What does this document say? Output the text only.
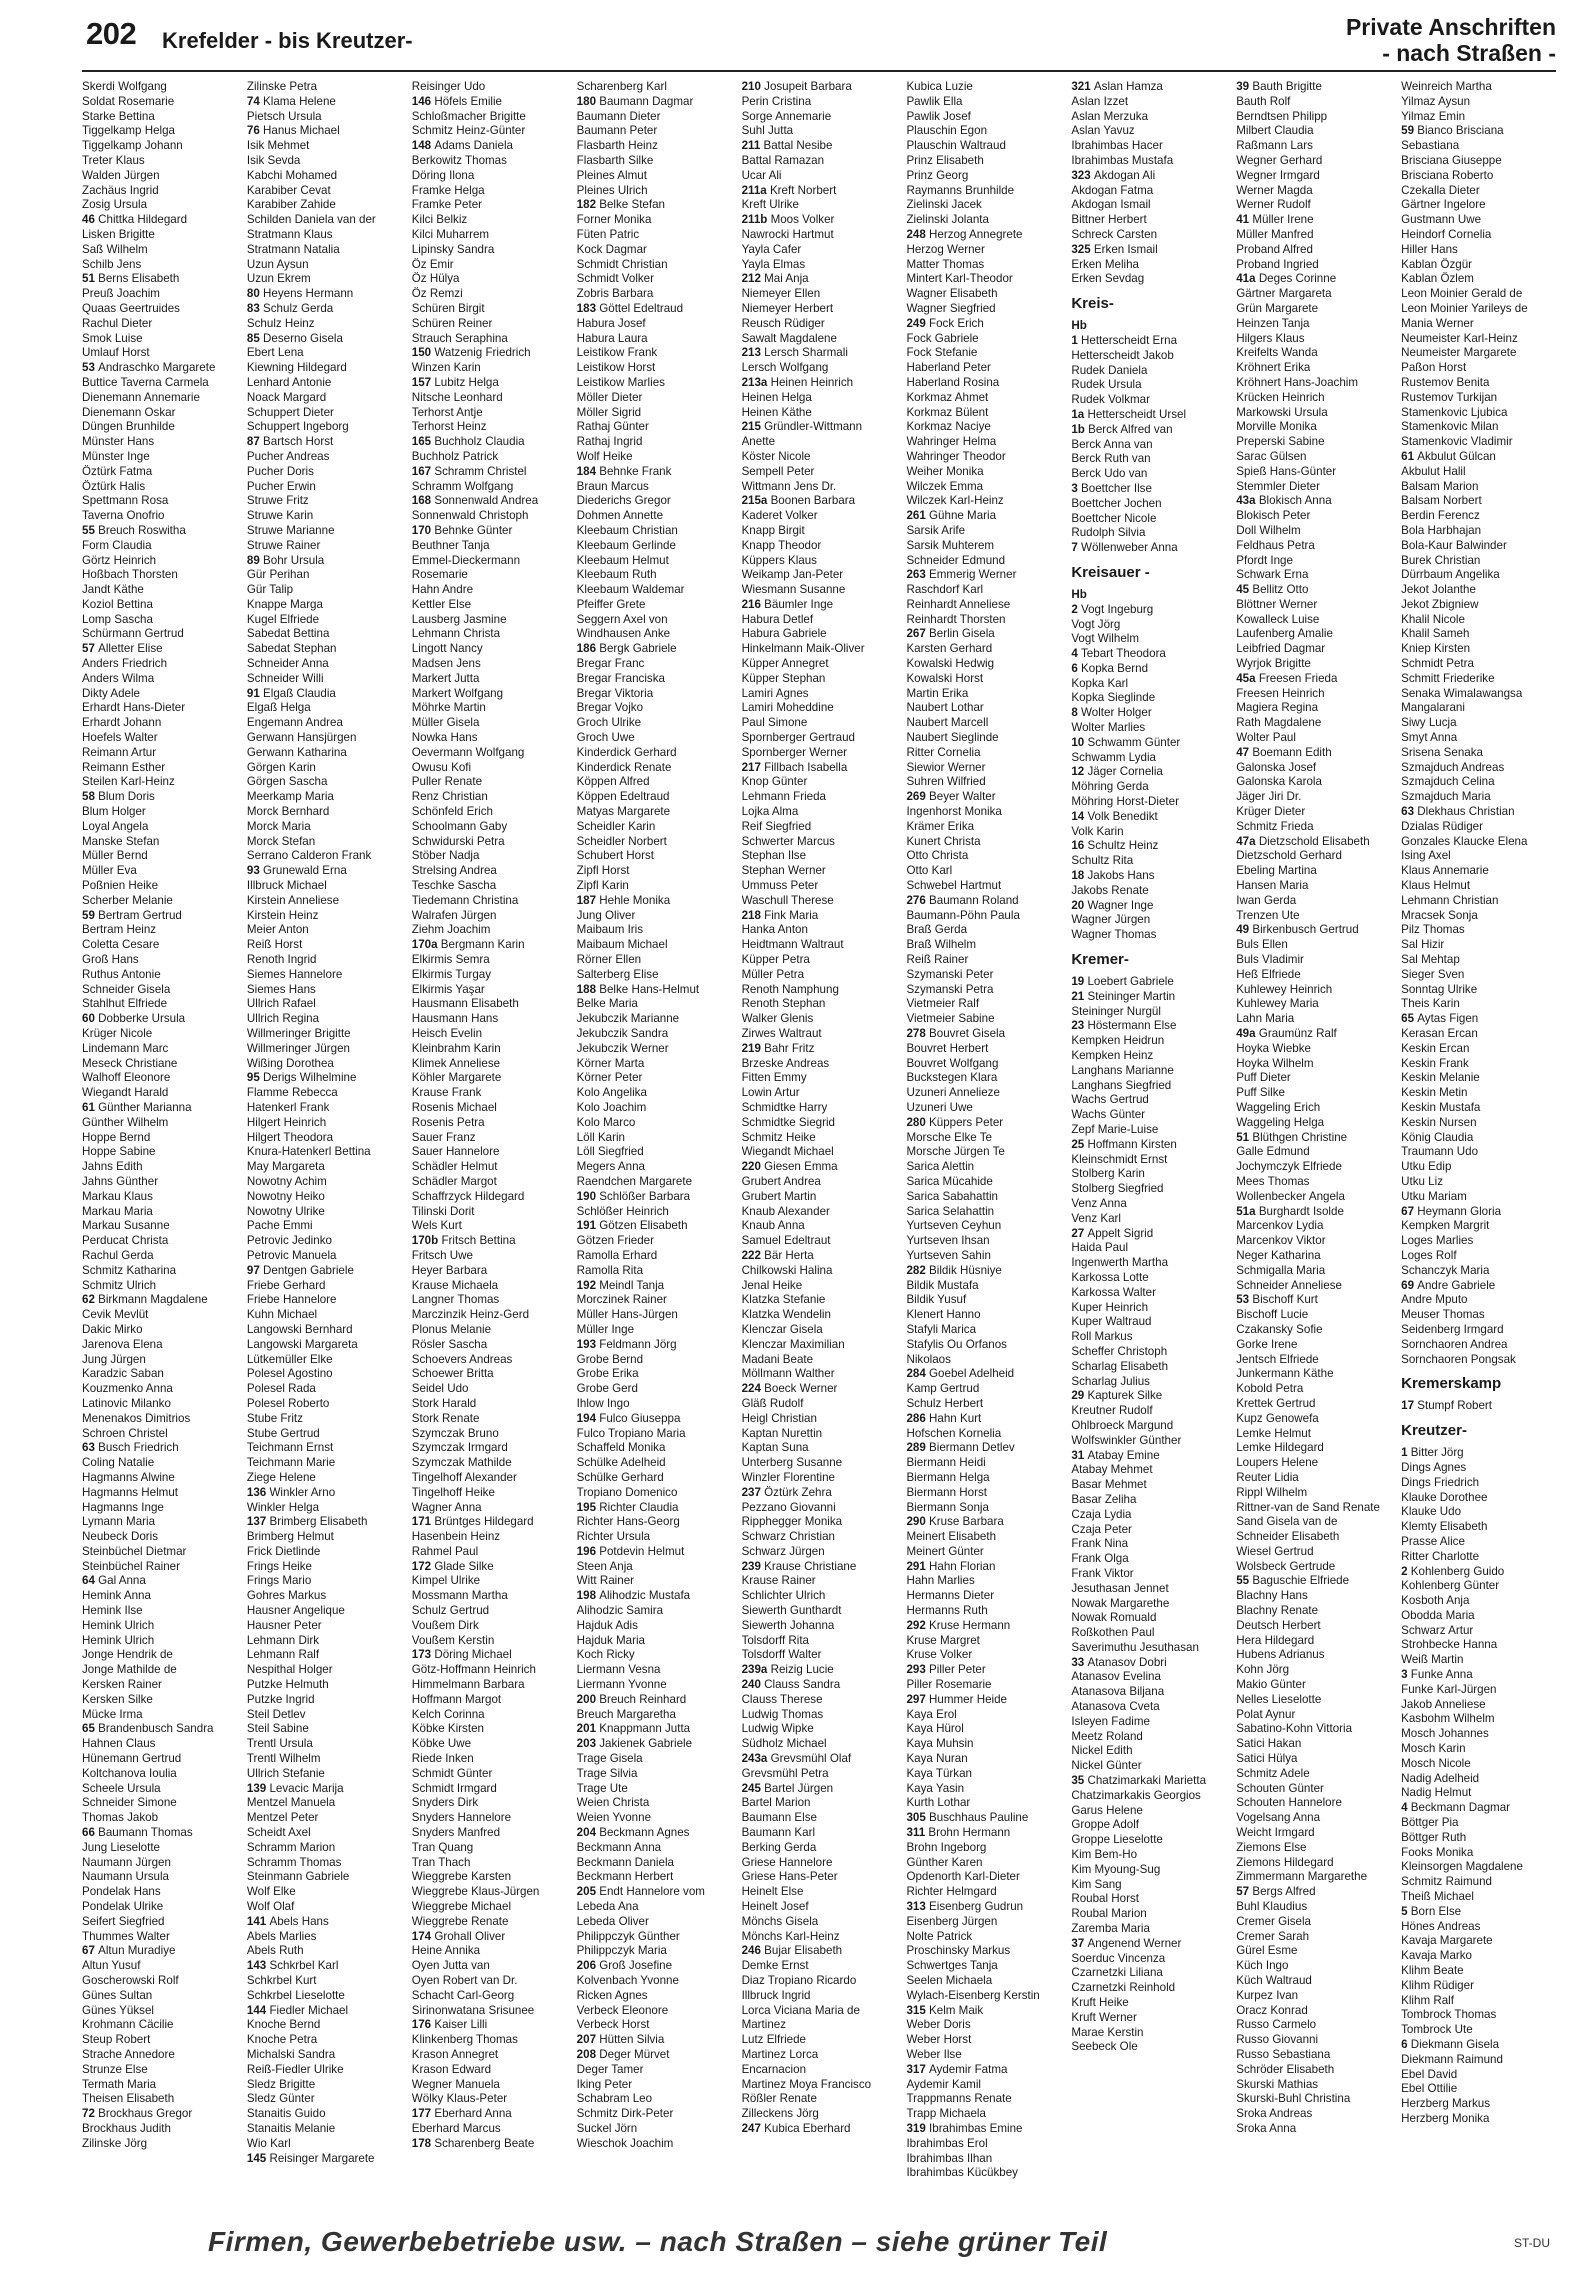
202 Krefelder - bis Kreutzer-
Private Anschriften
- nach Straßen -
Skerdi Wolfgang
Soldat Rosemarie
Starke Bettina
Tiggelkamp Helga
Tiggelkamp Johann
Treter Klaus
Walden Jürgen
Zachäus Ingrid
Zosig Ursula
46 Chittka Hildegard
Lisken Brigitte
Saß Wilhelm
Schilb Jens
51 Berns Elisabeth
Preuß Joachim
Quaas Geertruides
Rachul Dieter
Smok Luise
Umlauf Horst
53 Andraschko Margarete
Buttice Taverna Carmela
Dienemann Annemarie
Dienemann Oskar
Düngen Brunhilde
Münster Hans
Münster Inge
Öztürk Fatma
Öztürk Halis
Spettmann Rosa
Taverna Onofrio
55 Breuch Roswitha
Form Claudia
Görtz Heinrich
Hoßbach Thorsten
Jandt Käthe
Koziol Bettina
Lomp Sascha
Schürmann Gertrud
57 Alletter Elise
Anders Friedrich
Anders Wilma
Dikty Adele
Erhardt Hans-Dieter
Erhardt Johann
Hoefels Walter
Reimann Artur
Reimann Esther
Steilen Karl-Heinz
58 Blum Doris
Blum Holger
Loyal Angela
Manske Stefan
Müller Bernd
Müller Eva
Poßnien Heike
Scherber Melanie
59 Bertram Gertrud
Bertram Heinz
Coletta Cesare
Groß Hans
Ruthus Antonie
Schneider Gisela
Stahlhut Elfriede
60 Dobberke Ursula
Krüger Nicole
Lindemann Marc
Meseck Christiane
Walhoff Eleonore
Wiegandt Harald
61 Günther Marianna
Günther Wilhelm
Hoppe Bernd
Hoppe Sabine
Jahns Edith
Jahns Günther
Markau Klaus
Markau Maria
Markau Susanne
Perducat Christa
Rachul Gerda
Schmitz Katharina
Schmitz Ulrich
62 Birkmann Magdalene
Cevik Mevlüt
Dakic Mirko
Jarenova Elena
Jung Jürgen
Karadzic Saban
Kouzmenko Anna
Latinovic Milanko
Menenakos Dimitrios
Schroen Christel
63 Busch Friedrich
Coling Natalie
Hagmanns Alwine
Hagmanns Helmut
Hagmanns Inge
Lymann Maria
Neubeck Doris
Steinbüchel Dietmar
Steinbüchel Rainer
64 Gal Anna
Hemink Anna
Hemink Ilse
Hemink Ulrich
Hemink Ulrich
Jonge Hendrik de
Jonge Mathilde de
Kersken Rainer
Kersken Silke
Mücke Irma
65 Brandenbusch Sandra
Hahnen Claus
Hünemann Gertrud
Koltchanova Ioulia
Scheele Ursula
Schneider Simone
Thomas Jakob
66 Baumann Thomas
Jung Lieselotte
Naumann Jürgen
Naumann Ursula
Pondelak Hans
Pondelak Ulrike
Seifert Siegfried
Thummes Walter
67 Altun Muradiye
Altun Yusuf
Goscherowski Rolf
Günes Sultan
Günes Yüksel
Krohmann Cäcilie
Steup Robert
Strache Annedore
Strunze Else
Termath Maria
Theisen Elisabeth
72 Brockhaus Gregor
Brockhaus Judith
Zilinske Jörg
Zilinske Petra
74 Klama Helene
Pietsch Ursula
76 Hanus Michael
Isik Mehmet
Isik Sevda
Kabchi Mohamed
Karabiber Cevat
Karabiber Zahide
Schilden Daniela van der
Stratmann Klaus
Stratmann Natalia
Uzun Aysun
Uzun Ekrem
80 Heyens Hermann
83 Schulz Gerda
Schulz Heinz
85 Deserno Gisela
Ebert Lena
Kiewning Hildegard
Lenhard Antonie
Noack Margard
Schuppert Dieter
Schuppert Ingeborg
87 Bartsch Horst
Pucher Andreas
Pucher Doris
Pucher Erwin
Struwe Fritz
Struwe Karin
Struwe Marianne
Struwe Rainer
89 Bohr Ursula
Gür Perihan
Gür Talip
Knappe Marga
Kugel Elfriede
Sabedat Bettina
Sabedat Stephan
Schneider Anna
Schneider Willi
91 Elgaß Claudia
Elgaß Helga
Engemann Andrea
Gerwann Hansjürgen
Gerwann Katharina
Görgen Karin
Görgen Sascha
Meerkamp Maria
Morck Bernhard
Morck Maria
Morck Stefan
Serrano Calderon Frank
93 Grunewald Erna
Illbruck Michael
Kirstein Anneliese
Kirstein Heinz
Meier Anton
Reiß Horst
Renoth Ingrid
Siemes Hannelore
Siemes Hans
Ullrich Rafael
Ullrich Regina
Willmeringer Brigitte
Willmeringer Jürgen
Wißing Dorothea
95 Derigs Wilhelmine
Flamme Rebecca
Hatenkerl Frank
Hilgert Heinrich
Hilgert Theodora
Knura-Hatenkerl Bettina
May Margareta
Nowotny Achim
Nowotny Heiko
Nowotny Ulrike
Pache Emmi
Petrovic Jedinko
Petrovic Manuela
97 Dentgen Gabriele
Friebe Gerhard
Friebe Hannelore
Kuhn Michael
Langowski Bernhard
Langowski Margareta
Lütkemüller Elke
Polesel Agostino
Polesel Rada
Polesel Roberto
Stube Fritz
Stube Gertrud
Teichmann Ernst
Teichmann Marie
Ziege Helene
136 Winkler Arno
Winkler Helga
137 Brimberg Elisabeth
Brimberg Helmut
Frick Dietlinde
Frings Heike
Frings Mario
Gohres Markus
Hausner Angelique
Hausner Peter
Lehmann Dirk
Lehmann Ralf
Nespithal Holger
Putzke Helmuth
Putzke Ingrid
Steil Detlev
Steil Sabine
Trentl Ursula
Trentl Wilhelm
Ullrich Stefanie
139 Levacic Marija
Mentzel Manuela
Mentzel Peter
Scheidt Axel
Schramm Marion
Schramm Thomas
Steinmann Gabriele
Wolf Elke
Wolf Olaf
141 Abels Hans
Abels Marlies
Abels Ruth
143 Schkrbel Karl
Schkrbel Kurt
Schkrbel Lieselotte
144 Fiedler Michael
Knoche Bernd
Knoche Petra
Michalski Sandra
Reiß-Fiedler Ulrike
Sledz Brigitte
Sledz Günter
Stanaitis Guido
Stanaitis Melanie
Wio Karl
145 Reisinger Margarete
Reisinger Udo
146 Höfels Emilie
Schloßmacher Brigitte
Schmitz Heinz-Günter
148 Adams Daniela
Berkowitz Thomas
Döring Ilona
Framke Helga
Framke Peter
Kilci Belkiz
Kilci Muharrem
Lipinsky Sandra
Öz Emir
Öz Hülya
Öz Remzi
Schüren Birgit
Schüren Reiner
Strauch Seraphina
150 Watzenig Friedrich
Winzen Karin
157 Lubitz Helga
Nitsche Leonhard
Terhorst Antje
Terhorst Heinz
165 Buchholz Claudia
Buchholz Patrick
167 Schramm Christel
Schramm Wolfgang
168 Sonnenwald Andrea
Sonnenwald Christoph
170 Behnke Günter
Beuthner Tanja
Emmel-Dieckermann
Rosemarie
Hahn Andre
Kettler Else
Lausberg Jasmine
Lehmann Christa
Lingott Nancy
Madsen Jens
Markert Jutta
Markert Wolfgang
Möhrke Martin
Müller Gisela
Nowka Hans
Oevermann Wolfgang
Owusu Kofi
Puller Renate
Renz Christian
Schönfeld Erich
Schoolmann Gaby
Schwidurski Petra
Stöber Nadja
Strelsing Andrea
Teschke Sascha
Tiedemann Christina
Walrafen Jürgen
Ziehm Joachim
170a Bergmann Karin
Elkirmis Semra
Elkirmis Turgay
Elkirmis Yaşar
Hausmann Elisabeth
Hausmann Hans
Heisch Evelin
Kleinbrahm Karin
Klimek Anneliese
Köhler Margarete
Krause Frank
Rosenis Michael
Rosenis Petra
Sauer Franz
Sauer Hannelore
Schädler Helmut
Schädler Margot
Schaffrzyck Hildegard
Tilinski Dorit
Wels Kurt
170b Fritsch Bettina
Fritsch Uwe
Heyer Barbara
Krause Michaela
Langner Thomas
Marczinzik Heinz-Gerd
Plonus Melanie
Rösler Sascha
Schoevers Andreas
Schoewer Britta
Seidel Udo
Stork Harald
Stork Renate
Szymczak Bruno
Szymczak Irmgard
Szymczak Mathilde
Tingelhoff Alexander
Tingelhoff Heike
Wagner Anna
171 Brüntges Hildegard
Hasenbein Heinz
Rahmel Paul
172 Glade Silke
Kimpel Ulrike
Mossmann Martha
Schulz Gertrud
Voußem Dirk
Voußem Kerstin
173 Döring Michael
Götz-Hoffmann Heinrich
Himmelmann Barbara
Hoffmann Margot
Kelch Corinna
Köbke Kirsten
Köbke Uwe
Riede Inken
Schmidt Günter
Schmidt Irmgard
Snyders Dirk
Snyders Hannelore
Snyders Manfred
Tran Quang
Tran Thach
Wieggrebe Karsten
Wieggrebe Klaus-Jürgen
Wieggrebe Michael
Wieggrebe Renate
174 Grohall Oliver
Heine Annika
Oyen Jutta van
Oyen Robert van Dr.
Schacht Carl-Georg
Sirinonwatana Srisunee
176 Kaiser Lilli
Klinkenberg Thomas
Krason Annegret
Krason Edward
Wegner Manuela
Wölky Klaus-Peter
177 Eberhard Anna
Eberhard Marcus
178 Scharenberg Beate
Scharenberg Karl
180 Baumann Dagmar
Baumann Dieter
Baumann Peter
Flasbarth Heinz
Flasbarth Silke
Pleines Almut
Pleines Ulrich
182 Belke Stefan
Forner Monika
Füten Patric
Kock Dagmar
Schmidt Christian
Schmidt Volker
Zobris Barbara
183 Göttel Edeltraud
Habura Josef
Habura Laura
Leistikow Frank
Leistikow Horst
Leistikow Marlies
Möller Dieter
Möller Sigrid
Rathaj Günter
Rathaj Ingrid
Wolf Heike
184 Behnke Frank
Braun Marcus
Diederichs Gregor
Dohmen Annette
Kleebaum Christian
Kleebaum Gerlinde
Kleebaum Helmut
Kleebaum Ruth
Kleebaum Waldemar
Pfeiffer Grete
Seggern Axel von
Windhausen Anke
186 Bergk Gabriele
Bregar Franc
Bregar Franciska
Bregar Viktoria
Bregar Vojko
Groch Ulrike
Groch Uwe
Kinderdick Gerhard
Kinderdick Renate
Köppen Alfred
Köppen Edeltraud
Matyas Margarete
Scheidler Karin
Scheidler Norbert
Schubert Horst
Zipfl Horst
Zipfl Karin
187 Hehle Monika
Jung Oliver
Maibaum Iris
Maibaum Michael
Rörner Ellen
Salterberg Elise
188 Belke Hans-Helmut
Belke Maria
Jekubczik Marianne
Jekubczik Sandra
Jekubczik Werner
Körner Marta
Körner Peter
Kolo Angelika
Kolo Joachim
Kolo Marco
Löll Karin
Löll Siegfried
Megers Anna
Raendchen Margarete
190 Schlößer Barbara
Schlößer Heinrich
191 Götzen Elisabeth
Götzen Frieder
Ramolla Erhard
Ramolla Rita
192 Meindl Tanja
Morczinek Rainer
Müller Hans-Jürgen
Müller Inge
193 Feldmann Jörg
Grobe Bernd
Grobe Erika
Grobe Gerd
Ihlow Ingo
194 Fulco Giuseppa
Fulco Tropiano Maria
Schaffeld Monika
Schülke Adelheid
Schülke Gerhard
Tropiano Domenico
195 Richter Claudia
Richter Hans-Georg
Richter Ursula
196 Potdevin Helmut
Steen Anja
Witt Rainer
198 Alihodzic Mustafa
Alihodzic Samira
Hajduk Adis
Hajduk Maria
Koch Ricky
Liermann Vesna
Liermann Yvonne
200 Breuch Reinhard
Breuch Margaretha
201 Knappmann Jutta
203 Jakienek Gabriele
Trage Gisela
Trage Silvia
Trage Ute
Weien Christa
Weien Yvonne
204 Beckmann Agnes
Beckmann Anna
Beckmann Daniela
Beckmann Herbert
205 Endt Hannelore vom
Lebeda Ana
Lebeda Oliver
Philippczyk Günther
Philippczyk Maria
206 Groß Josefine
Kolvenbach Yvonne
Ricken Agnes
Verbeck Eleonore
Verbeck Horst
207 Hütten Silvia
208 Deger Mürvet
Deger Tamer
Iking Peter
Schabram Leo
Schmitz Dirk-Peter
Suckel Jörn
Wieschok Joachim
210 Josupeit Barbara
Perin Cristina
Sorge Annemarie
Suhl Jutta
211 Battal Nesibe
Battal Ramazan
Ucar Ali
211a Kreft Norbert
Kreft Ulrike
211b Moos Volker
Nawrocki Hartmut
Yayla Cafer
Yayla Elmas
212 Mai Anja
Niemeyer Ellen
Niemeyer Herbert
Reusch Rüdiger
Sawalt Magdalene
213 Lersch Sharmali
Lersch Wolfgang
213a Heinen Heinrich
Heinen Helga
Heinen Käthe
215 Gründler-Wittmann
Anette
Köster Nicole
Sempell Peter
Wittmann Jens Dr.
215a Boonen Barbara
Kaderet Volker
Knapp Birgit
Knapp Theodor
Küppers Klaus
Weikamp Jan-Peter
Wiesmann Susanne
216 Bäumler Inge
Habura Detlef
Habura Gabriele
Hinkelmann Maik-Oliver
Küpper Annegret
Küpper Stephan
Lamiri Agnes
Lamiri Moheddine
Paul Simone
Spornberger Gertraud
Spornberger Werner
217 Fillbach Isabella
Knop Günter
Lehmann Frieda
Lojka Alma
Reif Siegfried
Schwerter Marcus
Stephan Ilse
Stephan Werner
Ummuss Peter
Waschull Therese
218 Fink Maria
Hanka Anton
Heidtmann Waltraut
Küpper Petra
Müller Petra
Renoth Namphung
Renoth Stephan
Walker Glenis
Zirwes Waltraut
219 Bahr Fritz
Brzeske Andreas
Fitten Emmy
Lowin Artur
Schmidtke Harry
Schmidtke Siegrid
Schmitz Heike
Wiegandt Michael
220 Giesen Emma
Grubert Andrea
Grubert Martin
Knaub Alexander
Knaub Anna
Samuel Edeltraut
222 Bär Herta
Chilkowski Halina
Jenal Heike
Klatzka Stefanie
Klatzka Wendelin
Klenczar Gisela
Klenczar Maximilian
Madani Beate
Möllmann Walther
224 Boeck Werner
Gläß Rudolf
Heigl Christian
Kaptan Nurettin
Kaptan Suna
Unterberg Susanne
Winzler Florentine
237 Öztürk Zehra
Pezzano Giovanni
Ripphegger Monika
Schwarz Christian
Schwarz Jürgen
239 Krause Christiane
Krause Rainer
Schlichter Ulrich
Siewerth Gunthardt
Siewerth Johanna
Tolsdorff Rita
Tolsdorff Walter
239a Reizig Lucie
240 Clauss Sandra
Clauss Therese
Ludwig Thomas
Ludwig Wipke
Südholz Michael
243a Grevsmühl Olaf
Grevsmühl Petra
245 Bartel Jürgen
Bartel Marion
Baumann Else
Baumann Karl
Berking Gerda
Griese Hannelore
Griese Hans-Peter
Heinelt Else
Heinelt Josef
Mönchs Gisela
Mönchs Karl-Heinz
246 Bujar Elisabeth
Demke Ernst
Diaz Tropiano Ricardo
Illbruck Ingrid
Lorca Viciana Maria de
Martinez
Lutz Elfriede
Martinez Lorca
Encarnacion
Martinez Moya Francisco
Rößler Renate
Zilleckens Jörg
247 Kubica Eberhard
Kubica Luzie
Pawlik Ella
Pawlik Josef
Plauschin Egon
Plauschin Waltraud
Prinz Elisabeth
Prinz Georg
Raymanns Brunhilde
Zielinski Jacek
Zielinski Jolanta
248 Herzog Annegrete
Herzog Werner
Matter Thomas
Mintert Karl-Theodor
Wagner Elisabeth
Wagner Siegfried
249 Fock Erich
Fock Gabriele
Fock Stefanie
Haberland Peter
Haberland Rosina
Korkmaz Ahmet
Korkmaz Bülent
Korkmaz Naciye
Wahringer Helma
Wahringer Theodor
Weiher Monika
Wilczek Emma
Wilczek Karl-Heinz
261 Gühne Maria
Sarsik Arife
Sarsik Muhterem
Schneider Edmund
263 Emmerig Werner
Raschdorf Karl
Reinhardt Anneliese
Reinhardt Thorsten
267 Berlin Gisela
Karsten Gerhard
Kowalski Hedwig
Kowalski Horst
Martin Erika
Naubert Lothar
Naubert Marcell
Naubert Sieglinde
Ritter Cornelia
Siewior Werner
Suhren Wilfried
269 Beyer Walter
Ingenhorst Monika
Krämer Erika
Kunert Christa
Otto Christa
Otto Karl
Schwebel Hartmut
276 Baumann Roland
Baumann-Pöhn Paula
Braß Gerda
Braß Wilhelm
Reiß Rainer
Szymanski Peter
Szymanski Petra
Vietmeier Ralf
Vietmeier Sabine
278 Bouvret Gisela
Bouvret Herbert
Bouvret Wolfgang
Buckstegen Klara
Uzuneri Annelieze
Uzuneri Uwe
280 Küppers Peter
Morsche Elke Te
Morsche Jürgen Te
Sarica Alettin
Sarica Mücahide
Sarica Sabahattin
Sarica Selahattin
Yurtseven Ceyhun
Yurtseven Ihsan
Yurtseven Sahin
282 Bildik Hüsniye
Bildik Mustafa
Bildik Yusuf
Klenert Hanno
Stafyli Marica
Stafylis Ou Orfanos
Nikolaos
284 Goebel Adelheid
Kamp Gertrud
Schulz Herbert
286 Hahn Kurt
Hofschen Kornelia
289 Biermann Detlev
Biermann Heidi
Biermann Helga
Biermann Horst
Biermann Sonja
290 Kruse Barbara
Meinert Elisabeth
Meinert Günter
291 Hahn Florian
Hahn Marlies
Hermanns Dieter
Hermanns Ruth
292 Kruse Hermann
Kruse Margret
Kruse Volker
293 Piller Peter
Piller Rosemarie
297 Hummer Heide
Kaya Erol
Kaya Hürol
Kaya Muhsin
Kaya Nuran
Kaya Türkan
Kaya Yasin
Kurth Lothar
305 Buschhaus Pauline
311 Brohn Hermann
Brohn Ingeborg
Günther Karen
Opdenorth Karl-Dieter
Richter Helmgard
313 Eisenberg Gudrun
Eisenberg Jürgen
Nolte Patrick
Proschinsky Markus
Schwertges Tanja
Seelen Michaela
Wylach-Eisenberg Kerstin
315 Kelm Maik
Weber Doris
Weber Horst
Weber Ilse
317 Aydemir Fatma
Aydemir Kamil
Trappmanns Renate
Trapp Michaela
319 Ibrahimbas Emine
Ibrahimbas Erol
Ibrahimbas Ilhan
Ibrahimbas Kücükbey
321 Aslan Hamza
Aslan Izzet
Aslan Merzuka
Aslan Yavuz
Ibrahimbas Hacer
Ibrahimbas Mustafa
323 Akdogan Ali
Akdogan Fatma
Akdogan Ismail
Bittner Herbert
Schreck Carsten
325 Erken Ismail
Erken Meliha
Erken Sevdag
Kreis-
Hb
1 Hetterscheidt Erna
Hetterscheidt Jakob
Rudek Daniela
Rudek Ursula
Rudek Volkmar
1a Hetterscheidt Ursel
1b Berck Alfred van
Berck Anna van
Berck Ruth van
Berck Udo van
3 Boettcher Ilse
Boettcher Jochen
Boettcher Nicole
Rudolph Silvia
7 Wöllenweber Anna
Kreisauer -
Hb
2 Vogt Ingeburg
Vogt Jörg
Vogt Wilhelm
4 Tebart Theodora
6 Kopka Bernd
Kopka Karl
Kopka Sieglinde
8 Wolter Holger
Wolter Marlies
10 Schwamm Günter
Schwamm Lydia
12 Jäger Cornelia
Möhring Gerda
Möhring Horst-Dieter
14 Volk Benedikt
Volk Karin
16 Schultz Heinz
Schultz Rita
18 Jakobs Hans
Jakobs Renate
20 Wagner Inge
Wagner Jürgen
Wagner Thomas
Kremer-
19 Loebert Gabriele
21 Steininger Martin
Steininger Nurgül
23 Höstermann Else
Kempken Heidrun
Kempken Heinz
Langhans Marianne
Langhans Siegfried
Wachs Gertrud
Wachs Günter
Zepf Marie-Luise
25 Hoffmann Kirsten
Kleinschmidt Ernst
Stolberg Karin
Stolberg Siegfried
Venz Anna
Venz Karl
27 Appelt Sigrid
Haida Paul
Ingenwerth Martha
Karkossa Lotte
Karkossa Walter
Kuper Heinrich
Kuper Waltraud
Roll Markus
Scheffer Christoph
Scharlag Elisabeth
Scharlag Julius
29 Kapturek Silke
Kreutner Rudolf
Ohlbroeck Margund
Wolfswinkler Günther
31 Atabay Emine
Atabay Mehmet
Basar Mehmet
Basar Zeliha
Czaja Lydia
Czaja Peter
Frank Nina
Frank Olga
Frank Viktor
Jesuthasan Jennet
Nowak Margarethe
Nowak Romuald
Roßkothen Paul
Saverimuthu Jesuthasan
33 Atanasov Dobri
Atanasov Evelina
Atanasova Biljana
Atanasova Cveta
Isleyen Fadime
Meetz Roland
Nickel Edith
Nickel Günter
35 Chatzimarkaki Marietta
Chatzimarkakis Georgios
Garus Helene
Groppe Adolf
Groppe Lieselotte
Kim Bem-Ho
Kim Myoung-Sug
Kim Sang
Roubal Horst
Roubal Marion
Zaremba Maria
37 Angenend Werner
Soerduc Vincenza
Czarnetzki Liliana
Czarnetzki Reinhold
Kruft Heike
Kruft Werner
Marae Kerstin
Seebeck Ole
39 Bauth Brigitte
Bauth Rolf
Berndtsen Philipp
Milbert Claudia
Raßmann Lars
Wegner Gerhard
Wegner Irmgard
Werner Magda
Werner Rudolf
41 Müller Irene
Müller Manfred
Proband Alfred
Proband Ingried
41a Deges Corinne
Gärtner Margareta
Grün Margarete
Heinzen Tanja
Hilgers Klaus
Kreifelts Wanda
Kröhnert Erika
Kröhnert Hans-Joachim
Krücken Heinrich
Markowski Ursula
Morville Monika
Preperski Sabine
Sarac Gülsen
Spieß Hans-Günter
Stemmler Dieter
43a Blokisch Anna
Blokisch Peter
Doll Wilhelm
Feldhaus Petra
Pfordt Inge
Schwark Erna
45 Bellitz Otto
Blöttner Werner
Kowalleck Luise
Laufenberg Amalie
Leibfried Dagmar
Wyrjok Brigitte
45a Freesen Frieda
Freesen Heinrich
Magiera Regina
Rath Magdalene
Wolter Paul
47 Boemann Edith
Galonska Josef
Galonska Karola
Jäger Jiri Dr.
Krüger Dieter
Schmitz Frieda
47a Dietzschold Elisabeth
Dietzschold Gerhard
Ebeling Martina
Hansen Maria
Iwan Gerda
Trenzen Ute
49 Birkenbusch Gertrud
Buls Ellen
Buls Vladimir
Heß Elfriede
Kuhlewey Heinrich
Kuhlewey Maria
Lahn Maria
49a Graumünz Ralf
Hoyka Wiebke
Hoyka Wilhelm
Puff Dieter
Puff Silke
Waggeling Erich
Waggeling Helga
51 Blüthgen Christine
Galle Edmund
Jochymczyk Elfriede
Mees Thomas
Wollenbecker Angela
51a Burghardt Isolde
Marcenkov Lydia
Marcenkov Viktor
Neger Katharina
Schmigalla Maria
Schneider Anneliese
53 Bischoff Kurt
Bischoff Lucie
Czakansky Sofie
Gorke Irene
Jentsch Elfriede
Junkermann Käthe
Kobold Petra
Krettek Gertrud
Kupz Genowefa
Lemke Helmut
Lemke Hildegard
Loupers Helene
Reuter Lidia
Rippl Wilhelm
Rittner-van de Sand Renate
Sand Gisela van de
Schneider Elisabeth
Wiesel Gertrud
Wolsbeck Gertrude
55 Baguschie Elfriede
Blachny Hans
Blachny Renate
Deutsch Herbert
Hera Hildegard
Hubens Adrianus
Kohn Jörg
Makio Günter
Nelles Lieselotte
Polat Aynur
Sabatino-Kohn Vittoria
Satici Hakan
Satici Hülya
Schmitz Adele
Schouten Günter
Schouten Hannelore
Vogelsang Anna
Weicht Irmgard
Ziemons Else
Ziemons Hildegard
Zimmermann Margarethe
57 Bergs Alfred
Buhl Klaudius
Cremer Gisela
Cremer Sarah
Gürel Esme
Küch Ingo
Küch Waltraud
Kurpez Ivan
Oracz Konrad
Russo Carmelo
Russo Giovanni
Russo Sebastiana
Schröder Elisabeth
Skurski Mathias
Skurski-Buhl Christina
Sroka Andreas
Sroka Anna
Weinreich Martha
Yilmaz Aysun
Yilmaz Emin
59 Bianco Brisciana
Sebastiana
Brisciana Giuseppe
Brisciana Roberto
Czekalla Dieter
Gärtner Ingelore
Gustmann Uwe
Heindorf Cornelia
Hiller Hans
Kablan Özgür
Kablan Özlem
Leon Moinier Gerald de
Leon Moinier Yarileys de
Mania Werner
Neumeister Karl-Heinz
Neumeister Margarete
Paßon Horst
Rustemov Benita
Rustemov Turkijan
Stamenkovic Ljubica
Stamenkovic Milan
Stamenkovic Vladimir
61 Akbulut Gülcan
Akbulut Halil
Balsam Marion
Balsam Norbert
Berdin Ferencz
Bola Harbhajan
Bola-Kaur Balwinder
Burek Christian
Dürrbaum Angelika
Jekot Jolanthe
Jekot Zbigniew
Khalil Nicole
Khalil Sameh
Kniep Kirsten
Schmidt Petra
Schmitt Friederike
Senaka Wimalawangsa
Mangalarani
Siwy Lucja
Smyt Anna
Srisena Senaka
Szmajduch Andreas
Szmajduch Celina
Szmajduch Maria
63 Dlekhaus Christian
Dzialas Rüdiger
Gonzales Klaucke Elena
Ising Axel
Klaus Annemarie
Klaus Helmut
Lehmann Christian
Mracsek Sonja
Pilz Thomas
Sal Hizir
Sal Mehtap
Sieger Sven
Sonntag Ulrike
Theis Karin
65 Aytas Figen
Kerasan Ercan
Keskin Ercan
Keskin Frank
Keskin Melanie
Keskin Metin
Keskin Mustafa
Keskin Nursen
König Claudia
Traumann Udo
Utku Edip
Utku Liz
Utku Mariam
67 Heymann Gloria
Kempken Margrit
Loges Marlies
Loges Rolf
Schanczyk Maria
69 Andre Gabriele
Andre Mputo
Meuser Thomas
Seidenberg Irmgard
Sornchaoren Andrea
Sornchaoren Pongsak
Kremerskamp
17 Stumpf Robert
Kreutzer-
1 Bitter Jörg
Dings Agnes
Dings Friedrich
Klauke Dorothee
Klauke Udo
Klemty Elisabeth
Prasse Alice
Ritter Charlotte
2 Kohlenberg Guido
Kohlenberg Günter
Kosboth Anja
Obodda Maria
Schwarz Artur
Strohbecke Hanna
Weiß Martin
3 Funke Anna
Funke Karl-Jürgen
Jakob Anneliese
Kasbohm Wilhelm
Mosch Johannes
Mosch Karin
Mosch Nicole
Nadig Adelheid
Nadig Helmut
4 Beckmann Dagmar
Böttger Pia
Böttger Ruth
Fooks Monika
Kleinsorgen Magdalene
Schmitz Raimund
Theiß Michael
5 Born Else
Hönes Andreas
Kavaja Margarete
Kavaja Marko
Klihm Beate
Klihm Rüdiger
Klihm Ralf
Tombrock Thomas
Tombrock Ute
6 Diekmann Gisela
Diekmann Raimund
Ebel David
Ebel Ottilie
Herzberg Markus
Herzberg Monika
Firmen, Gewerbebetriebe usw. – nach Straßen – siehe grüner Teil	ST-DU
